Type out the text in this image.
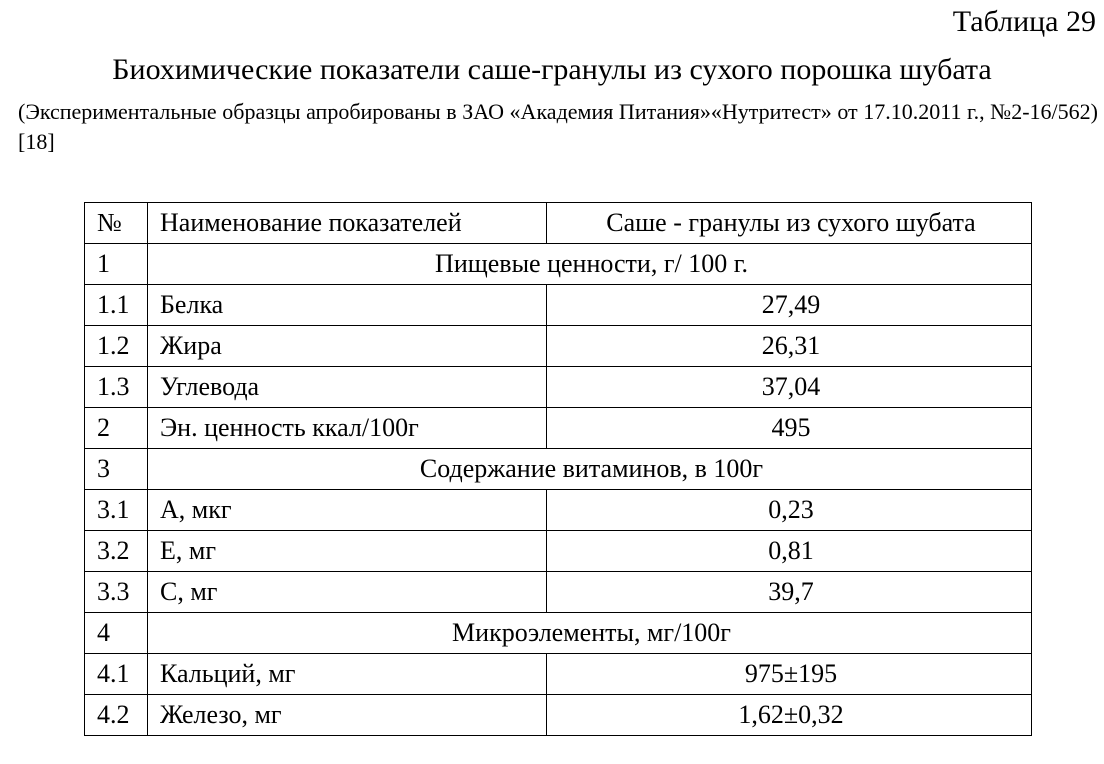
Таблица 29
Биохимические показатели саше-гранулы из сухого порошка шубата
(Экспериментальные образцы апробированы в ЗАО «Академия Питания»«Нутритест» от 17.10.2011 г., №2-16/562) [18]
№	Наименование показателей	Саше - гранулы из сухого шубата
1	Пищевые ценности, г/ 100 г.	
1.1	Белка	27,49
1.2	Жира	26,31
1.3	Углевода	37,04
2	Эн. ценность ккал/100г	495
3	Содержание витаминов, в 100г	
3.1	А, мкг	0,23
3.2	Е, мг	0,81
3.3	С, мг	39,7
4	Микроэлементы, мг/100г	
4.1	Кальций, мг	975±195
4.2	Железо, мг	1,62±0,32
